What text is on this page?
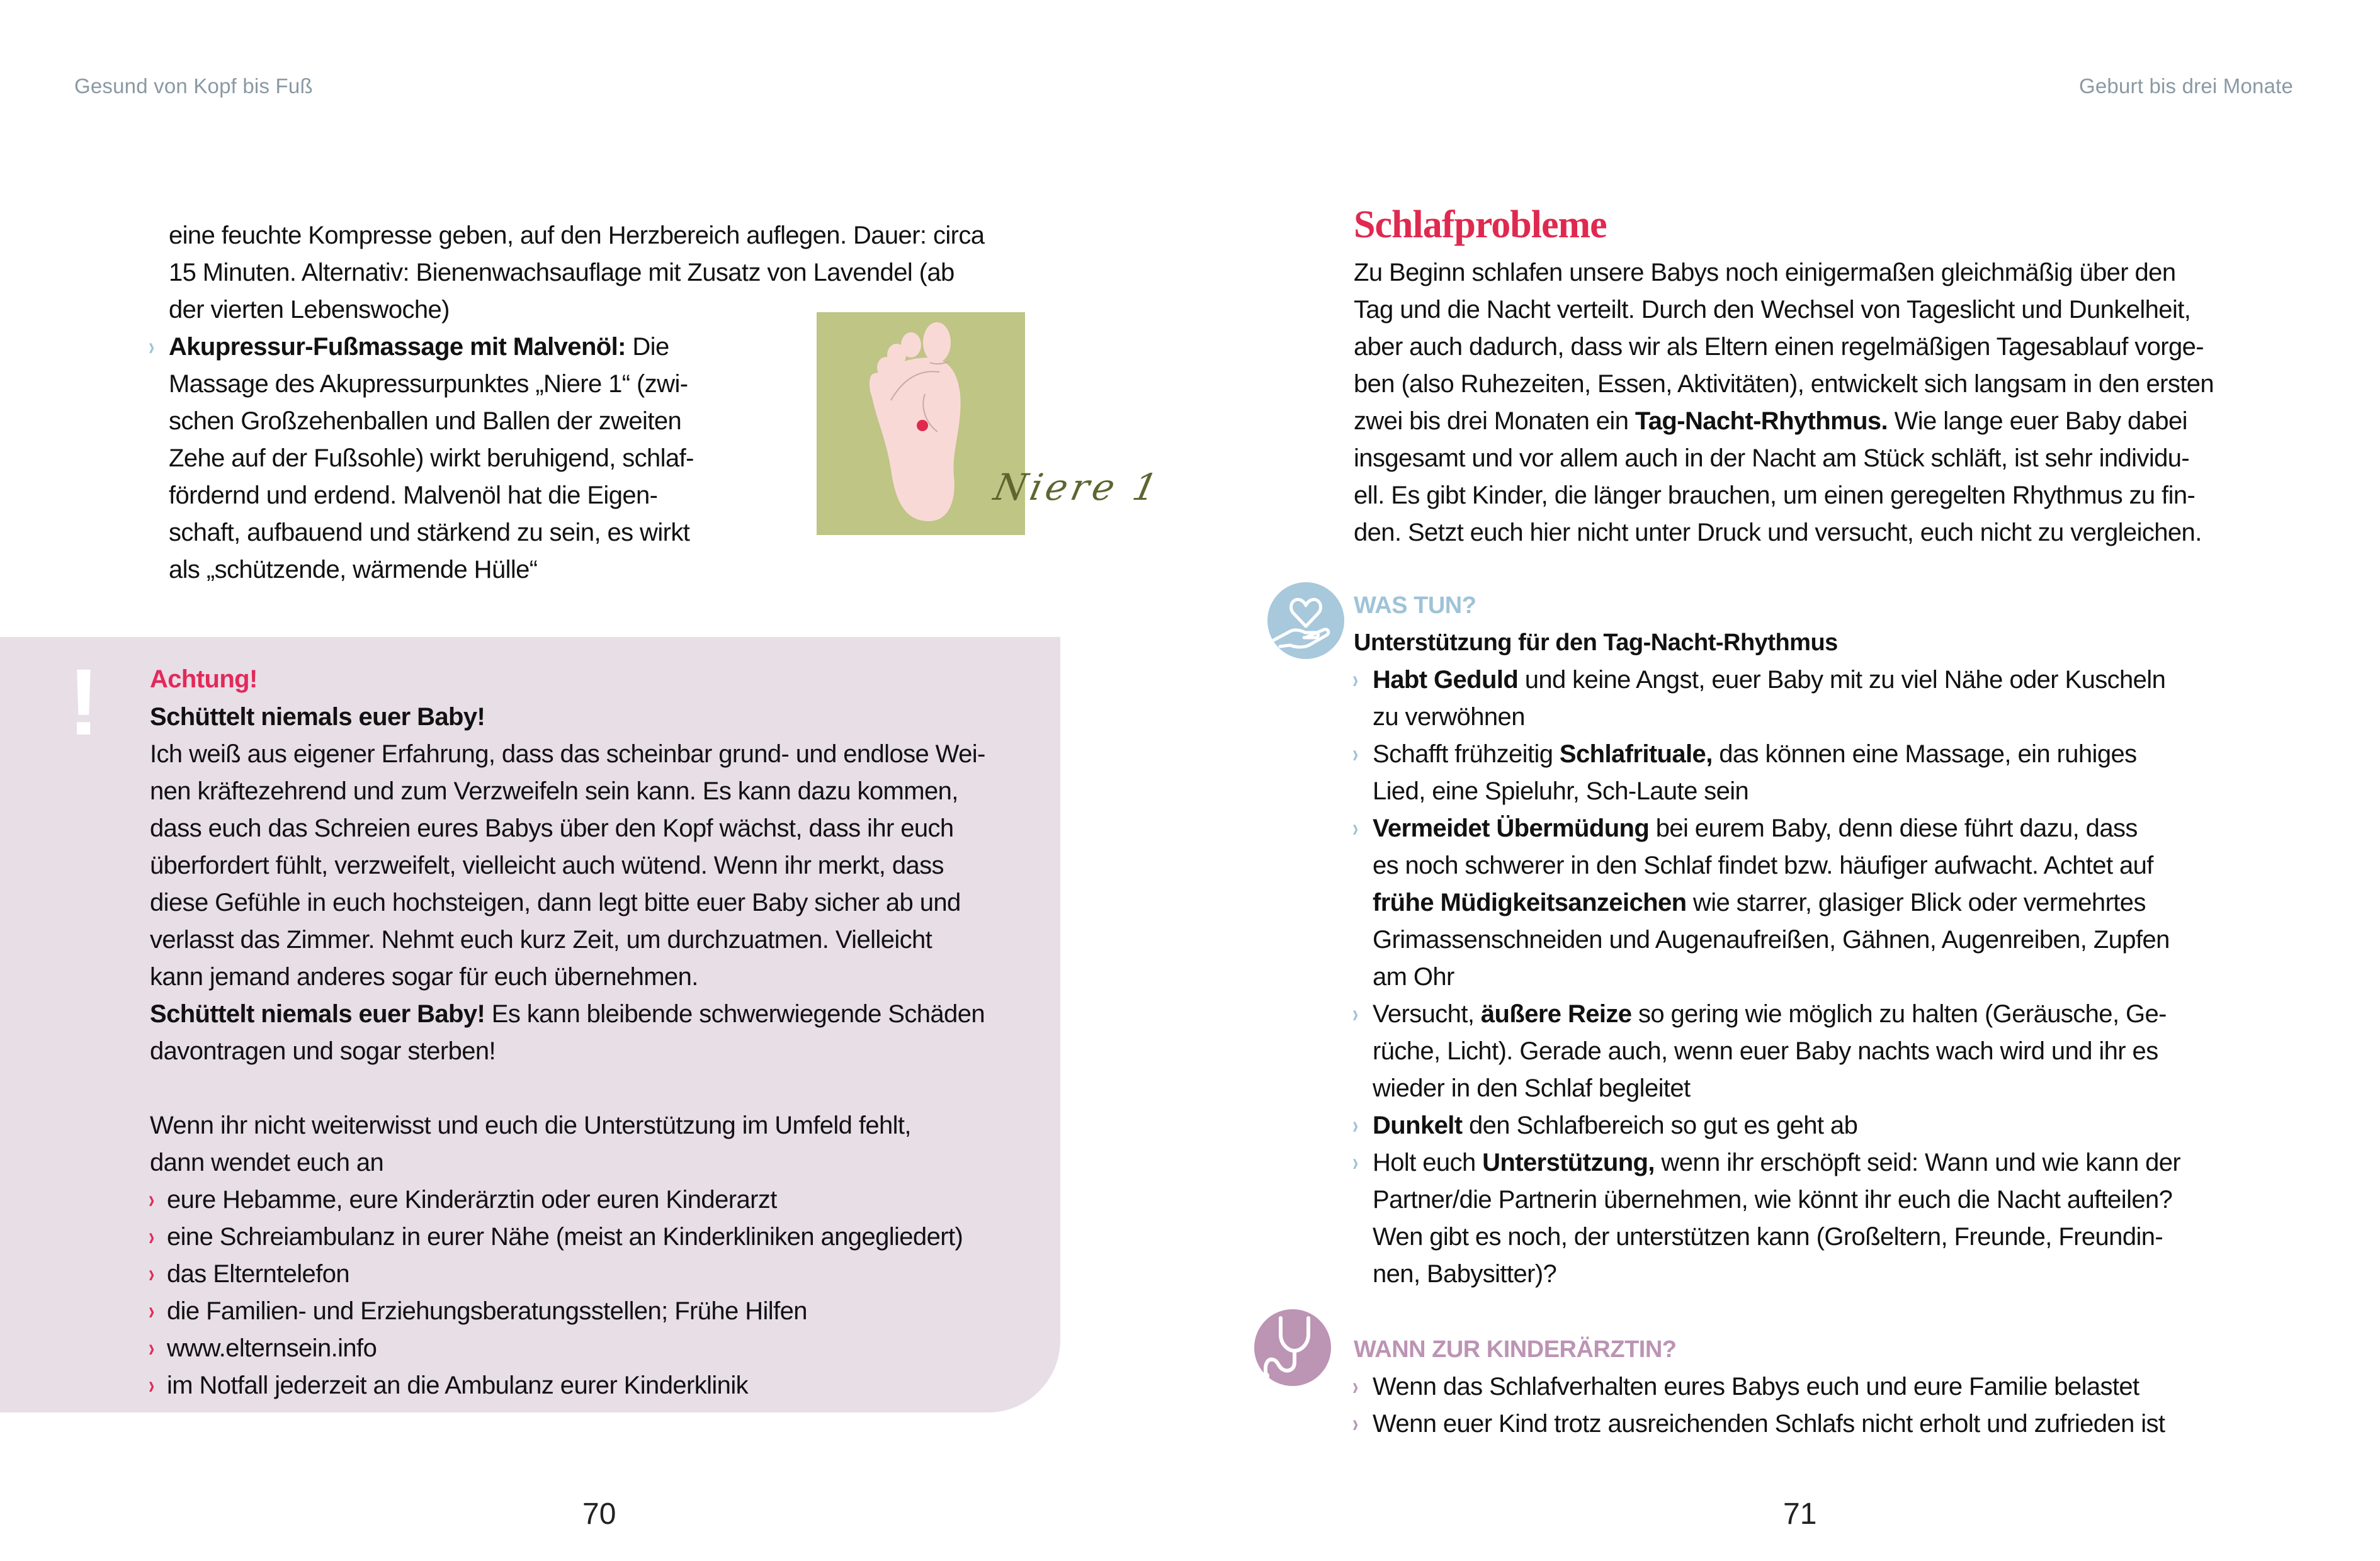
Gesund von Kopf bis Fuß
eine feuchte Kompresse geben, auf den Herzbereich auflegen. Dauer: circa
15 Minuten. Alternativ: Bienenwachsauflage mit Zusatz von Lavendel (ab
der vierten Lebenswoche)
› Akupressur-Fußmassage mit Malvenöl: Die
Massage des Akupressurpunktes „Niere 1“ (zwi-
schen Großzehenballen und Ballen der zweiten
Zehe auf der Fußsohle) wirkt beruhigend, schlaf-
fördernd und erdend. Malvenöl hat die Eigen-
schaft, aufbauend und stärkend zu sein, es wirkt
als „schützende, wärmende Hülle“
Niere 1
! Achtung!
Schüttelt niemals euer Baby!
Ich weiß aus eigener Erfahrung, dass das scheinbar grund- und endlose Wei-
nen kräftezehrend und zum Verzweifeln sein kann. Es kann dazu kommen,
dass euch das Schreien eures Babys über den Kopf wächst, dass ihr euch
überfordert fühlt, verzweifelt, vielleicht auch wütend. Wenn ihr merkt, dass
diese Gefühle in euch hochsteigen, dann legt bitte euer Baby sicher ab und
verlasst das Zimmer. Nehmt euch kurz Zeit, um durchzuatmen. Vielleicht
kann jemand anderes sogar für euch übernehmen.
Schüttelt niemals euer Baby! Es kann bleibende schwerwiegende Schäden
davontragen und sogar sterben!
Wenn ihr nicht weiterwisst und euch die Unterstützung im Umfeld fehlt,
dann wendet euch an
› eure Hebamme, eure Kinderärztin oder euren Kinderarzt
› eine Schreiambulanz in eurer Nähe (meist an Kinderkliniken angegliedert)
› das Elterntelefon
› die Familien- und Erziehungsberatungsstellen; Frühe Hilfen
› www.elternsein.info
› im Notfall jederzeit an die Ambulanz eurer Kinderklinik
70
Geburt bis drei Monate
Schlafprobleme
Zu Beginn schlafen unsere Babys noch einigermaßen gleichmäßig über den
Tag und die Nacht verteilt. Durch den Wechsel von Tageslicht und Dunkelheit,
aber auch dadurch, dass wir als Eltern einen regelmäßigen Tagesablauf vorge-
ben (also Ruhezeiten, Essen, Aktivitäten), entwickelt sich langsam in den ersten
zwei bis drei Monaten ein Tag-Nacht-Rhythmus. Wie lange euer Baby dabei
insgesamt und vor allem auch in der Nacht am Stück schläft, ist sehr individu-
ell. Es gibt Kinder, die länger brauchen, um einen geregelten Rhythmus zu fin-
den. Setzt euch hier nicht unter Druck und versucht, euch nicht zu vergleichen.
WAS TUN?
Unterstützung für den Tag-Nacht-Rhythmus
› Habt Geduld und keine Angst, euer Baby mit zu viel Nähe oder Kuscheln
zu verwöhnen
› Schafft frühzeitig Schlafrituale, das können eine Massage, ein ruhiges
Lied, eine Spieluhr, Sch-Laute sein
› Vermeidet Übermüdung bei eurem Baby, denn diese führt dazu, dass
es noch schwerer in den Schlaf findet bzw. häufiger aufwacht. Achtet auf
frühe Müdigkeitsanzeichen wie starrer, glasiger Blick oder vermehrtes
Grimassenschneiden und Augenaufreißen, Gähnen, Augenreiben, Zupfen
am Ohr
› Versucht, äußere Reize so gering wie möglich zu halten (Geräusche, Ge-
rüche, Licht). Gerade auch, wenn euer Baby nachts wach wird und ihr es
wieder in den Schlaf begleitet
› Dunkelt den Schlafbereich so gut es geht ab
› Holt euch Unterstützung, wenn ihr erschöpft seid: Wann und wie kann der
Partner/die Partnerin übernehmen, wie könnt ihr euch die Nacht aufteilen?
Wen gibt es noch, der unterstützen kann (Großeltern, Freunde, Freundin-
nen, Babysitter)?
WANN ZUR KINDERÄRZTIN?
› Wenn das Schlafverhalten eures Babys euch und eure Familie belastet
› Wenn euer Kind trotz ausreichenden Schlafs nicht erholt und zufrieden ist
71
